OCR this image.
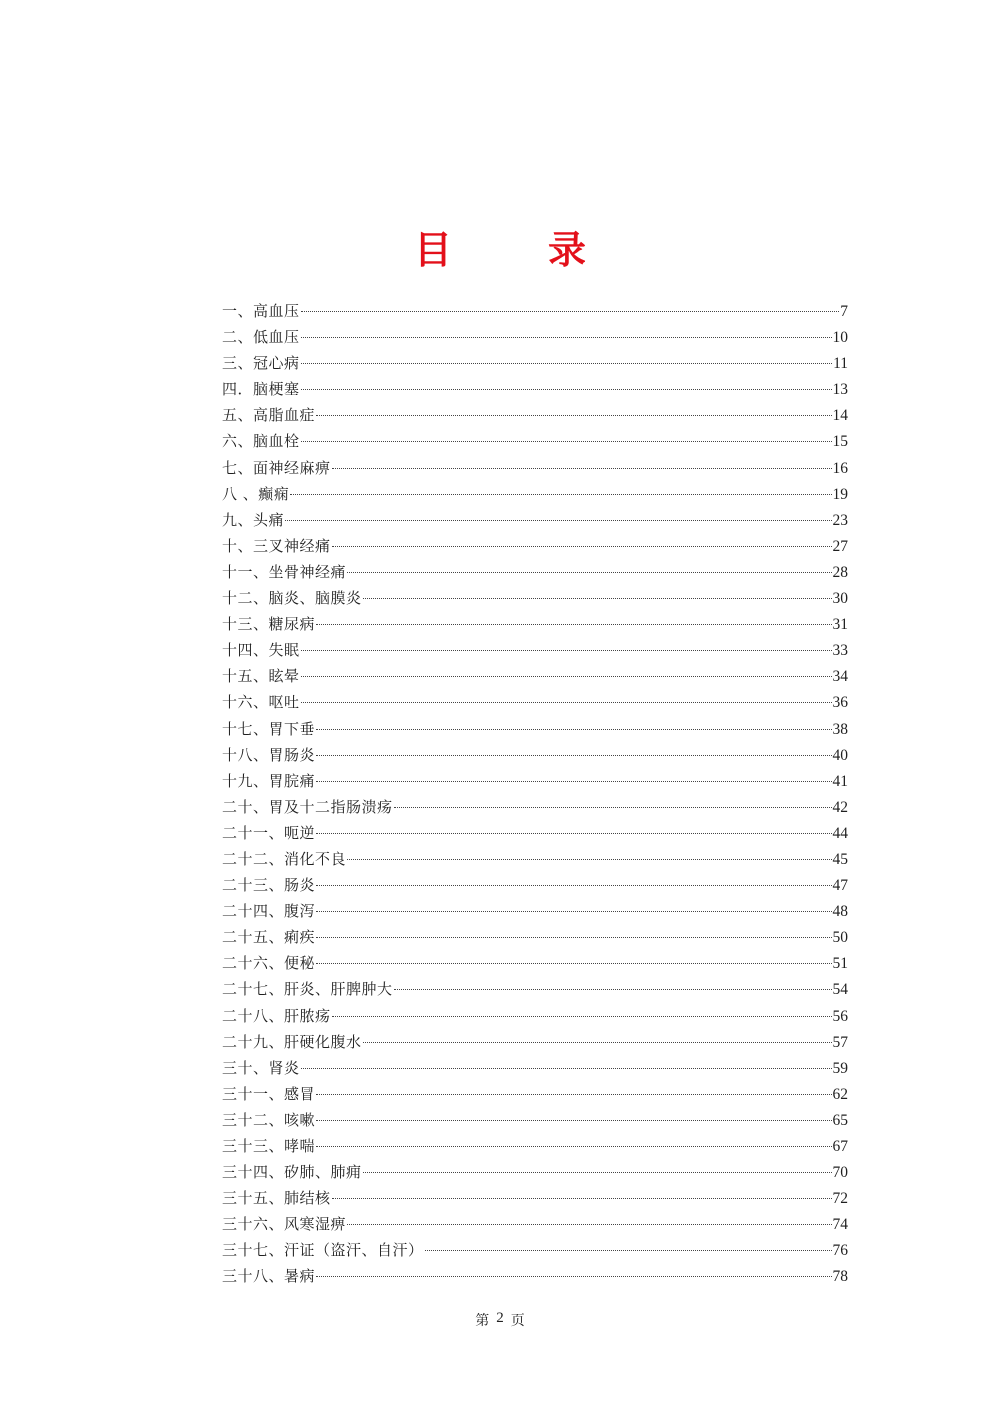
目	录
一、高血压	7
二、低血压	10
三、冠心病	11
四．脑梗塞	13
五、高脂血症	14
六、脑血栓	15
七、面神经麻痹	16
八 、癫痫	19
九、头痛	23
十、三叉神经痛	27
十一、坐骨神经痛	28
十二、脑炎、脑膜炎	30
十三、糖尿病	31
十四、失眠	33
十五、眩晕	34
十六、呕吐	36
十七、胃下垂	38
十八、胃肠炎	40
十九、胃脘痛	41
二十、胃及十二指肠溃疡	42
二十一、呃逆	44
二十二、消化不良	45
二十三、肠炎	47
二十四、腹泻	48
二十五、痢疾	50
二十六、便秘	51
二十七、肝炎、肝脾肿大	54
二十八、肝脓疡	56
二十九、肝硬化腹水	57
三十、肾炎	59
三十一、感冒	62
三十二、咳嗽	65
三十三、哮喘	67
三十四、矽肺、肺痈	70
三十五、肺结核	72
三十六、风寒湿痹	74
三十七、汗证（盗汗、自汗）	76
三十八、暑病	78
第 2 页
